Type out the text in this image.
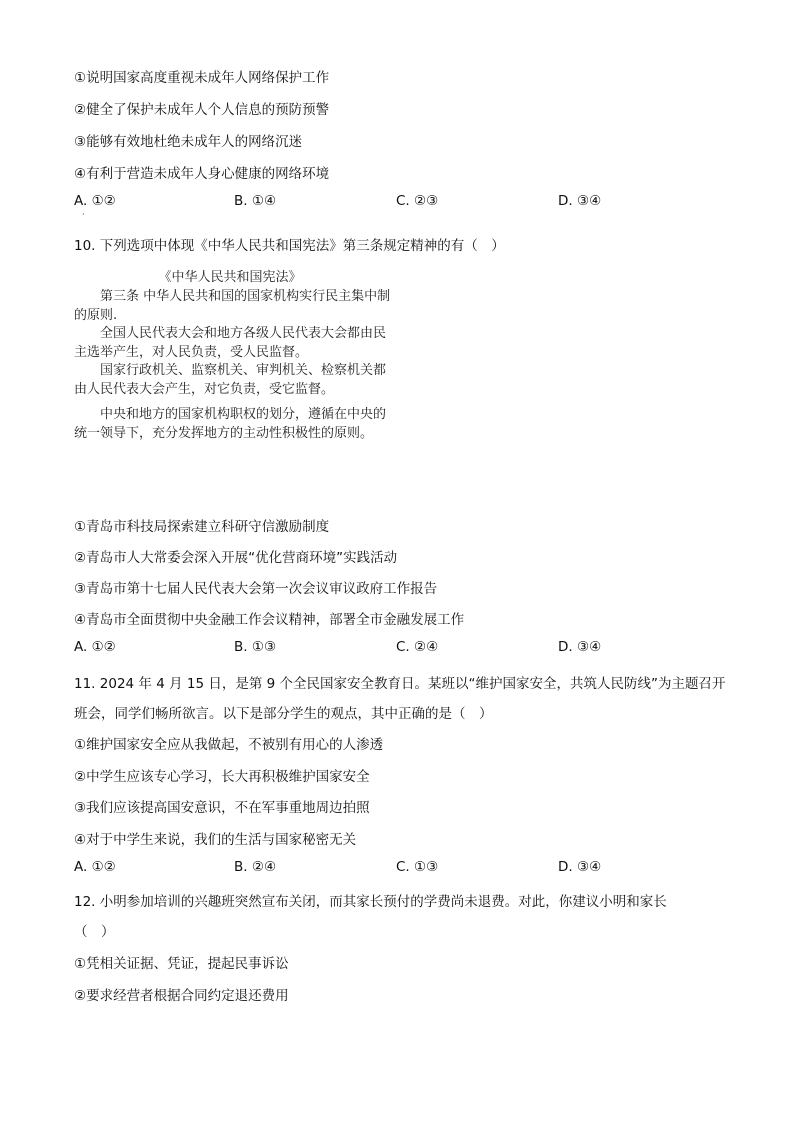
①说明国家高度重视未成年人网络保护工作
②健全了保护未成年人个人信息的预防预警
③能够有效地杜绝未成年人的网络沉迷
④有利于营造未成年人身心健康的网络环境
A. ①②	B. ①④	C. ②③	D. ③④
·
10. 下列选项中体现《中华人民共和国宪法》第三条规定精神的有（　）
《中华人民共和国宪法》
第三条 中华人民共和国的国家机构实行民主集中制的原则.
全国人民代表大会和地方各级人民代表大会都由民主选举产生，对人民负责，受人民监督。
国家行政机关、监察机关、审判机关、检察机关都由人民代表大会产生，对它负责，受它监督。
中央和地方的国家机构职权的划分，遵循在中央的统一领导下，充分发挥地方的主动性积极性的原则。
①青岛市科技局探索建立科研守信激励制度
②青岛市人大常委会深入开展“优化营商环境”实践活动
③青岛市第十七届人民代表大会第一次会议审议政府工作报告
④青岛市全面贯彻中央金融工作会议精神，部署全市金融发展工作
A. ①②	B. ①③	C. ②④	D. ③④
11. 2024 年 4 月 15 日，是第 9 个全民国家安全教育日。某班以“维护国家安全，共筑人民防线”为主题召开
班会，同学们畅所欲言。以下是部分学生的观点，其中正确的是（　）
①维护国家安全应从我做起，不被别有用心的人渗透
②中学生应该专心学习，长大再积极维护国家安全
③我们应该提高国安意识，不在军事重地周边拍照
④对于中学生来说，我们的生活与国家秘密无关
A. ①②	B. ②④	C. ①③	D. ③④
12. 小明参加培训的兴趣班突然宣布关闭，而其家长预付的学费尚未退费。对此，你建议小明和家长
（　）
①凭相关证据、凭证，提起民事诉讼
②要求经营者根据合同约定退还费用
